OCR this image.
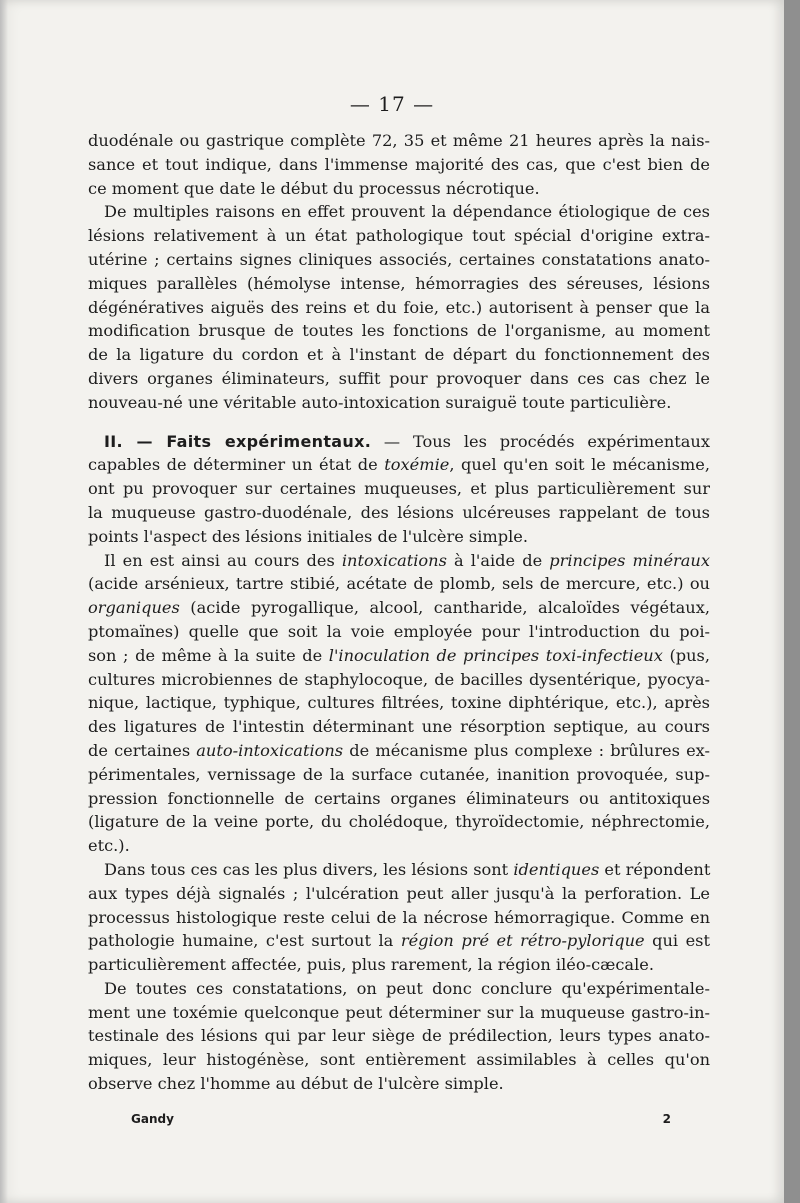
— 17 —

duodénale ou gastrique complète 72, 35 et même 21 heures après la nais-
sance et tout indique, dans l'immense majorité des cas, que c'est bien de
ce moment que date le début du processus nécrotique.

De multiples raisons en effet prouvent la dépendance étiologique de ces
lésions relativement à un état pathologique tout spécial d'origine extra-
utérine ; certains signes cliniques associés, certaines constatations anato-
miques parallèles (hémolyse intense, hémorragies des séreuses, lésions
dégénératives aiguës des reins et du foie, etc.) autorisent à penser que la
modification brusque de toutes les fonctions de l'organisme, au moment
de la ligature du cordon et à l'instant de départ du fonctionnement des
divers organes éliminateurs, suffit pour provoquer dans ces cas chez le
nouveau-né une véritable auto-intoxication suraiguë toute particulière.

II. — Faits expérimentaux. — Tous les procédés expérimentaux
capables de déterminer un état de toxémie, quel qu'en soit le mécanisme,
ont pu provoquer sur certaines muqueuses, et plus particulièrement sur
la muqueuse gastro-duodénale, des lésions ulcéreuses rappelant de tous
points l'aspect des lésions initiales de l'ulcère simple.

Il en est ainsi au cours des intoxications à l'aide de principes minéraux
(acide arsénieux, tartre stibié, acétate de plomb, sels de mercure, etc.) ou
organiques (acide pyrogallique, alcool, cantharide, alcaloïdes végétaux,
ptomaïnes) quelle que soit la voie employée pour l'introduction du poi-
son ; de même à la suite de l'inoculation de principes toxi-infectieux (pus,
cultures microbiennes de staphylocoque, de bacilles dysentérique, pyocya-
nique, lactique, typhique, cultures filtrées, toxine diphtérique, etc.), après
des ligatures de l'intestin déterminant une résorption septique, au cours
de certaines auto-intoxications de mécanisme plus complexe : brûlures ex-
périmentales, vernissage de la surface cutanée, inanition provoquée, sup-
pression fonctionnelle de certains organes éliminateurs ou antitoxiques
(ligature de la veine porte, du cholédoque, thyroïdectomie, néphrectomie,
etc.).

Dans tous ces cas les plus divers, les lésions sont identiques et répondent
aux types déjà signalés ; l'ulcération peut aller jusqu'à la perforation. Le
processus histologique reste celui de la nécrose hémorragique. Comme en
pathologie humaine, c'est surtout la région pré et rétro-pylorique qui est
particulièrement affectée, puis, plus rarement, la région iléo-cæcale.

De toutes ces constatations, on peut donc conclure qu'expérimentale-
ment une toxémie quelconque peut déterminer sur la muqueuse gastro-in-
testinale des lésions qui par leur siège de prédilection, leurs types anato-
miques, leur histogénèse, sont entièrement assimilables à celles qu'on
observe chez l'homme au début de l'ulcère simple.

Gandy	2
